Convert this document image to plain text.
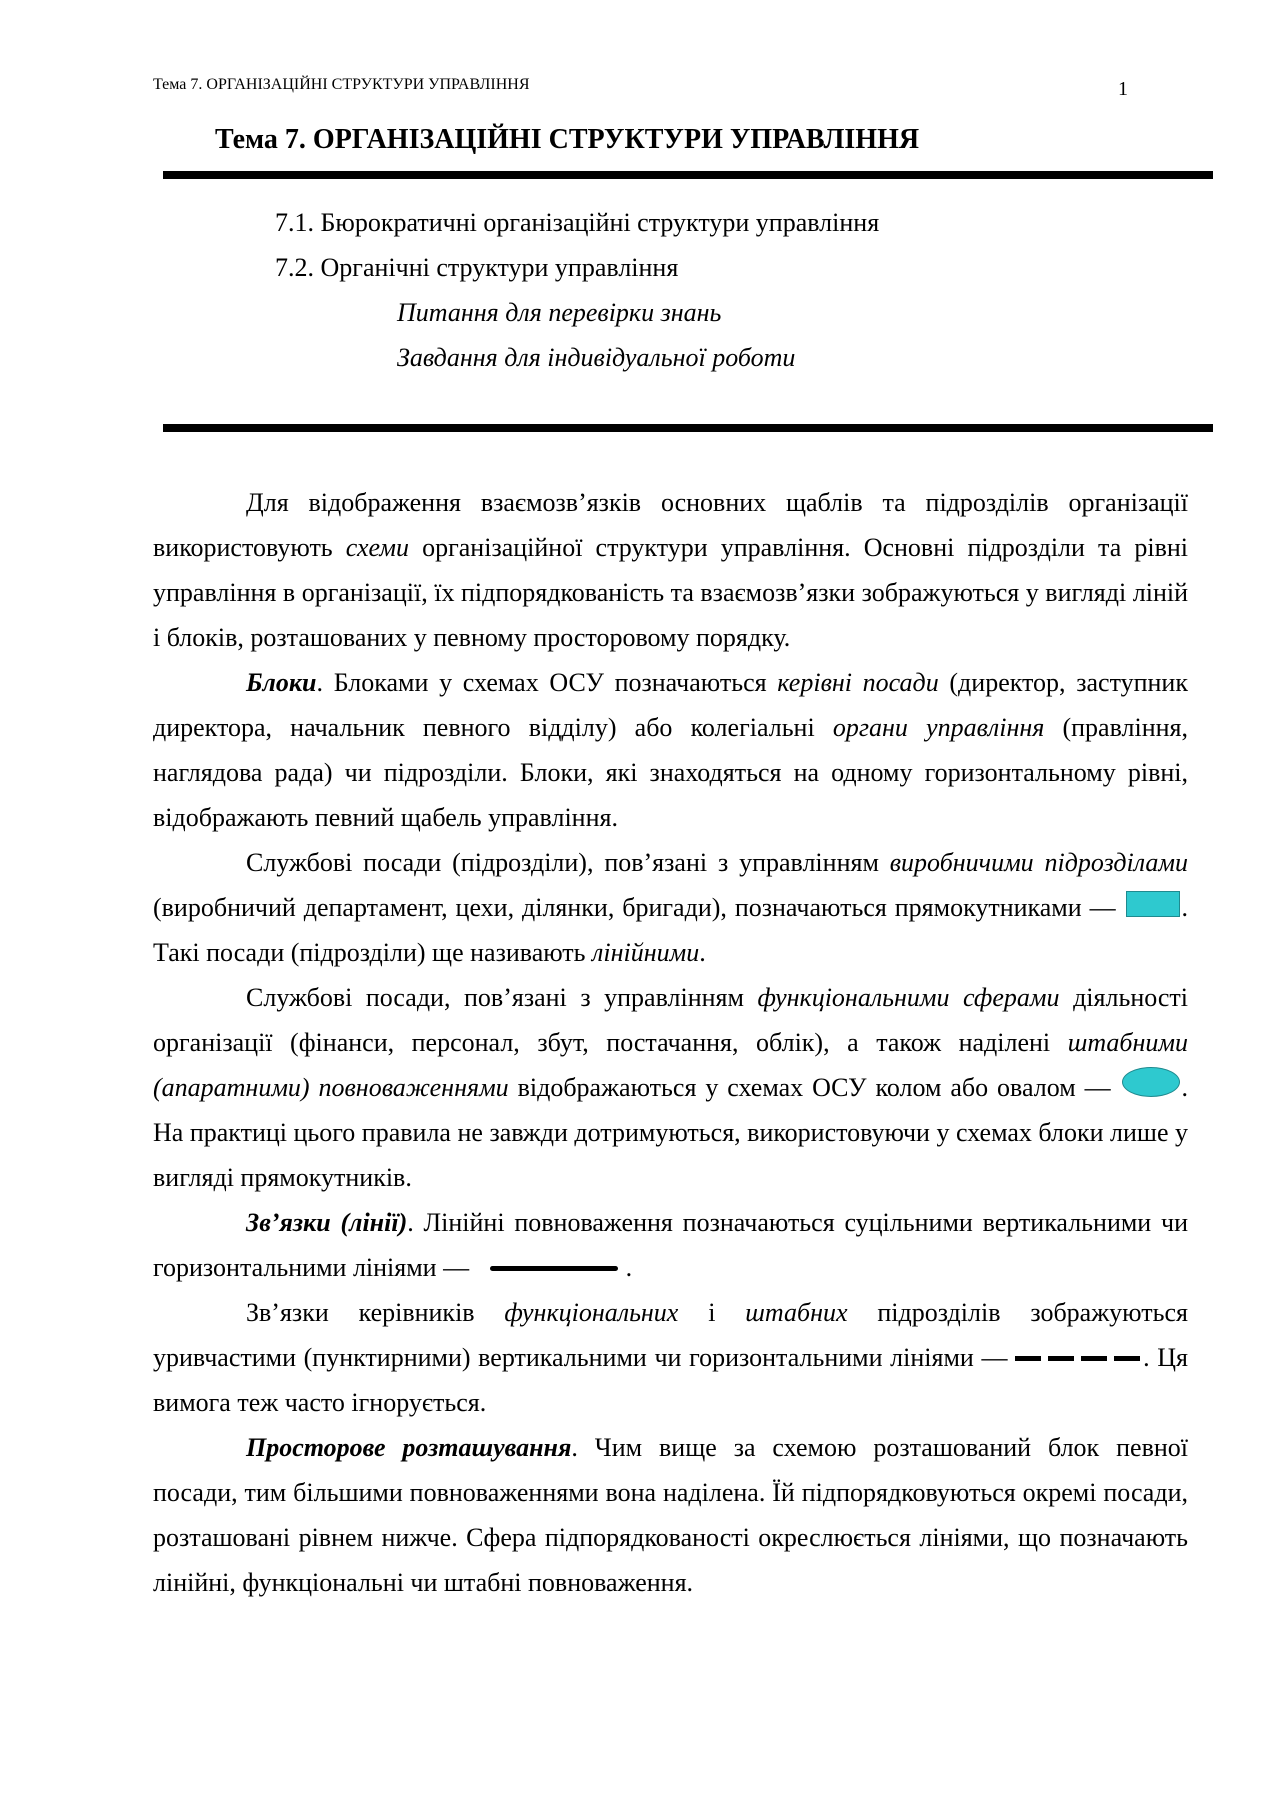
Тема 7. ОРГАНІЗАЦІЙНІ СТРУКТУРИ УПРАВЛІННЯ	1
Тема 7. ОРГАНІЗАЦІЙНІ СТРУКТУРИ УПРАВЛІННЯ
7.1. Бюрократичні організаційні структури управління
7.2. Органічні структури управління
Питання для перевірки знань
Завдання для індивідуальної роботи

Для відображення взаємозв’язків основних щаблів та підрозділів організації використовують схеми організаційної структури управління. Основні підрозділи та рівні управління в організації, їх підпорядкованість та взаємозв’язки зображуються у вигляді ліній і блоків, розташованих у певному просторовому порядку.

Блоки. Блоками у схемах ОСУ позначаються керівні посади (директор, заступник директора, начальник певного відділу) або колегіальні органи управління (правління, наглядова рада) чи підрозділи. Блоки, які знаходяться на одному горизонтальному рівні, відображають певний щабель управління.

Службові посади (підрозділи), пов’язані з управлінням виробничими підрозділами (виробничий департамент, цехи, ділянки, бригади), позначаються прямокутниками — . Такі посади (підрозділи) ще називають лінійними.

Службові посади, пов’язані з управлінням функціональними сферами діяльності організації (фінанси, персонал, збут, постачання, облік), а також наділені штабними (апаратними) повноваженнями відображаються у схемах ОСУ колом або овалом — . На практиці цього правила не завжди дотримуються, використовуючи у схемах блоки лише у вигляді прямокутників.

Зв’язки (лінії). Лінійні повноваження позначаються суцільними вертикальними чи горизонтальними лініями —	.

Зв’язки керівників функціональних і штабних підрозділів зображуються уривчастими (пунктирними) вертикальними чи горизонтальними лініями —	. Ця вимога теж часто ігнорується.

Просторове розташування. Чим вище за схемою розташований блок певної посади, тим більшими повноваженнями вона наділена. Їй підпорядковуються окремі посади, розташовані рівнем нижче. Сфера підпорядкованості окреслюється лініями, що позначають лінійні, функціональні чи штабні повноваження.
